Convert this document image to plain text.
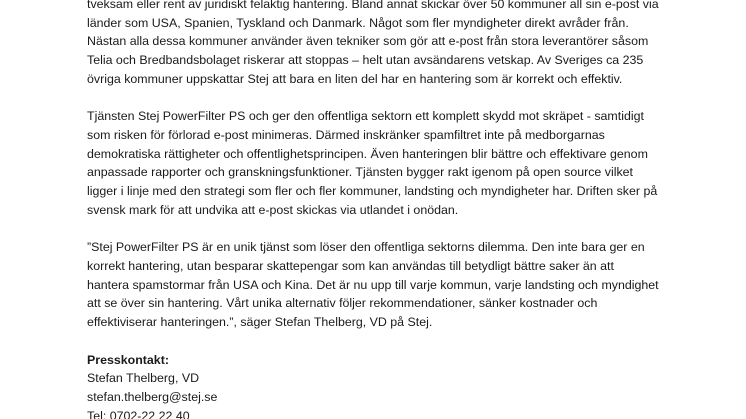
tveksam eller rent av juridiskt felaktig hantering. Bland annat skickar över 50 kommuner all sin e-post via
länder som USA, Spanien, Tyskland och Danmark. Något som fler myndigheter direkt avråder från.
Nästan alla dessa kommuner använder även tekniker som gör att e-post från stora leverantörer såsom
Telia och Bredbandsbolaget riskerar att stoppas – helt utan avsändarens vetskap. Av Sveriges ca 235
övriga kommuner uppskattar Stej att bara en liten del har en hantering som är korrekt och effektiv.
Tjänsten Stej PowerFilter PS och ger den offentliga sektorn ett komplett skydd mot skräpet - samtidigt
som risken för förlorad e-post minimeras. Därmed inskränker spamfiltret inte på medborgarnas
demokratiska rättigheter och offentlighetsprincipen. Även hanteringen blir bättre och effektivare genom
anpassade rapporter och granskningsfunktioner. Tjänsten bygger rakt igenom på open source vilket
ligger i linje med den strategi som fler och fler kommuner, landsting och myndigheter har. Driften sker på
svensk mark för att undvika att e-post skickas via utlandet i onödan.
”Stej PowerFilter PS är en unik tjänst som löser den offentliga sektorns dilemma. Den inte bara ger en
korrekt hantering, utan besparar skattepengar som kan användas till betydligt bättre saker än att
hantera spamstormar från USA och Kina. Det är nu upp till varje kommun, varje landsting och myndighet
att se över sin hantering. Vårt unika alternativ följer rekommendationer, sänker kostnader och
effektiviserar hanteringen.”, säger Stefan Thelberg, VD på Stej.
Presskontakt:
Stefan Thelberg, VD
stefan.thelberg@stej.se
Tel: 0702-22 22 40
